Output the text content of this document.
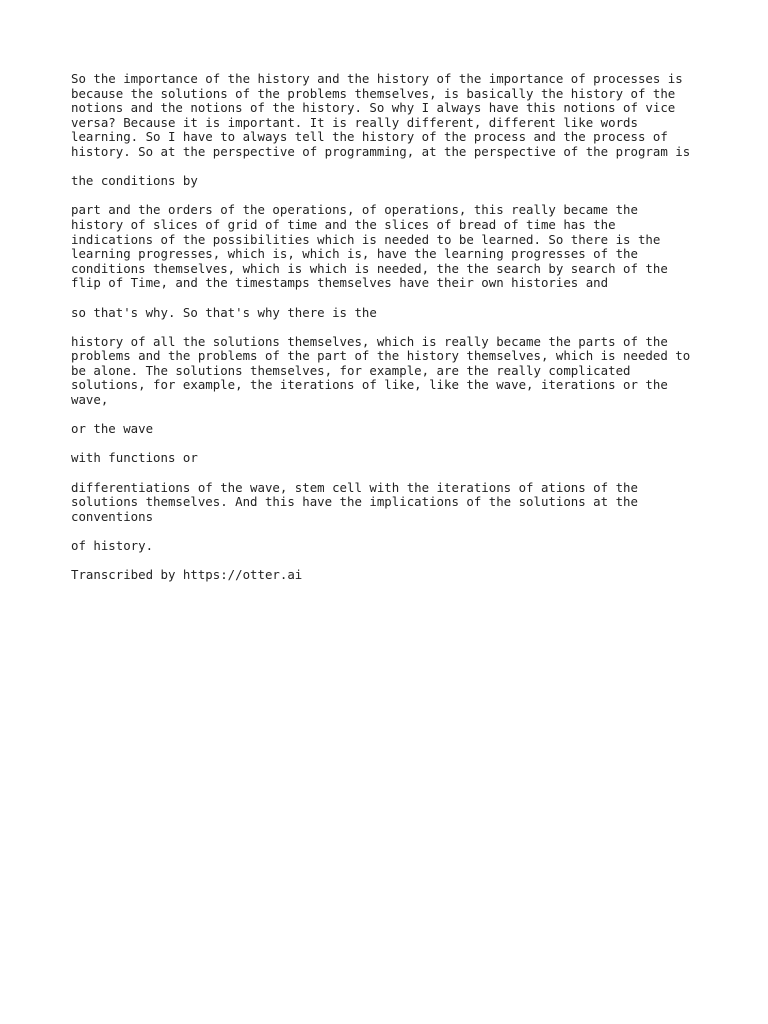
So the importance of the history and the history of the importance of processes is
because the solutions of the problems themselves, is basically the history of the
notions and the notions of the history. So why I always have this notions of vice
versa? Because it is important. It is really different, different like words
learning. So I have to always tell the history of the process and the process of
history. So at the perspective of programming, at the perspective of the program is

the conditions by

part and the orders of the operations, of operations, this really became the
history of slices of grid of time and the slices of bread of time has the
indications of the possibilities which is needed to be learned. So there is the
learning progresses, which is, which is, have the learning progresses of the
conditions themselves, which is which is needed, the the search by search of the
flip of Time, and the timestamps themselves have their own histories and

so that's why. So that's why there is the

history of all the solutions themselves, which is really became the parts of the
problems and the problems of the part of the history themselves, which is needed to
be alone. The solutions themselves, for example, are the really complicated
solutions, for example, the iterations of like, like the wave, iterations or the
wave,

or the wave

with functions or

differentiations of the wave, stem cell with the iterations of ations of the
solutions themselves. And this have the implications of the solutions at the
conventions

of history.

Transcribed by https://otter.ai
